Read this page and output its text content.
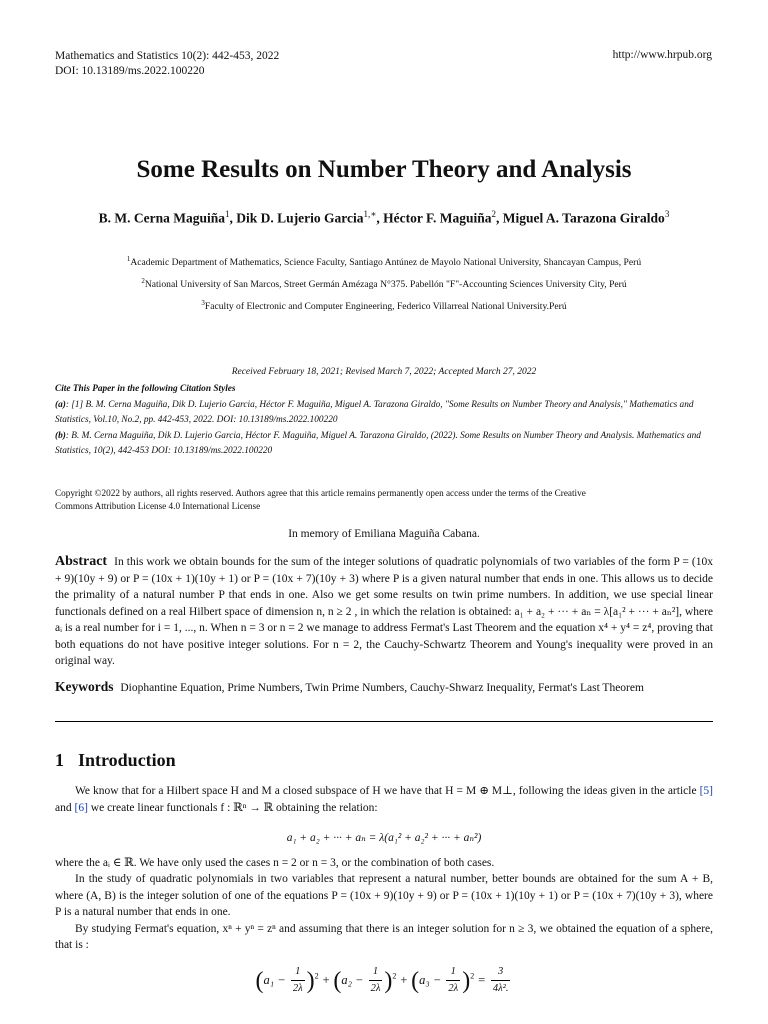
Mathematics and Statistics 10(2): 442-453, 2022
DOI: 10.13189/ms.2022.100220
http://www.hrpub.org
Some Results on Number Theory and Analysis
B. M. Cerna Maguiña$^1$, Dik D. Lujerio Garcia$^{1,∗}$, Héctor F. Maguiña$^2$, Miguel A. Tarazona Giraldo$^3$
$^1$Academic Department of Mathematics, Science Faculty, Santiago Antúnez de Mayolo National University, Shancayan Campus, Perú
$^2$National University of San Marcos, Street Germán Amézaga N°375. Pabellón "F"-Accounting Sciences University City, Perú
$^3$Faculty of Electronic and Computer Engineering, Federico Villarreal National University.Perú
Received February 18, 2021; Revised March 7, 2022; Accepted March 27, 2022
Cite This Paper in the following Citation Styles
(a): [1] B. M. Cerna Maguiña, Dik D. Lujerio Garcia, Héctor F. Maguiña, Miguel A. Tarazona Giraldo, "Some Results on Number Theory and Analysis," Mathematics and Statistics, Vol.10, No.2, pp. 442-453, 2022. DOI: 10.13189/ms.2022.100220
(b): B. M. Cerna Maguiña, Dik D. Lujerio Garcia, Héctor F. Maguiña, Miguel A. Tarazona Giraldo, (2022). Some Results on Number Theory and Analysis. Mathematics and Statistics, 10(2), 442-453 DOI: 10.13189/ms.2022.100220
Copyright ©2022 by authors, all rights reserved. Authors agree that this article remains permanently open access under the terms of the Creative Commons Attribution License 4.0 International License
In memory of Emiliana Maguiña Cabana.
Abstract In this work we obtain bounds for the sum of the integer solutions of quadratic polynomials of two variables of the form P = (10x + 9)(10y + 9) or P = (10x + 1)(10y + 1) or P = (10x + 7)(10y + 3) where P is a given natural number that ends in one. This allows us to decide the primality of a natural number P that ends in one. Also we get some results on twin prime numbers. In addition, we use special linear functionals defined on a real Hilbert space of dimension n, n ≥ 2 , in which the relation is obtained: a₁ + a₂ + ··· + aₙ = λ[a₁² + ··· + aₙ²], where aᵢ is a real number for i = 1, ..., n. When n = 3 or n = 2 we manage to address Fermat's Last Theorem and the equation x⁴ + y⁴ = z⁴, proving that both equations do not have positive integer solutions. For n = 2, the Cauchy-Schwartz Theorem and Young's inequality were proved in an original way.
Keywords Diophantine Equation, Prime Numbers, Twin Prime Numbers, Cauchy-Shwarz Inequality, Fermat's Last Theorem
1 Introduction

We know that for a Hilbert space H and M a closed subspace of H we have that H = M ⊕ M⊥, following the ideas given in the article [5] and [6] we create linear functionals f : ℝⁿ → ℝ obtaining the relation:

a₁ + a₂ + ··· + aₙ = λ(a₁² + a₂² + ··· + aₙ²)

where the aᵢ ∈ ℝ. We have only used the cases n = 2 or n = 3, or the combination of both cases.

In the study of quadratic polynomials in two variables that represent a natural number, better bounds are obtained for the sum A + B, where (A, B) is the integer solution of one of the equations P = (10x + 9)(10y + 9) or P = (10x + 1)(10y + 1) or P = (10x + 7)(10y + 3), where P is a natural number that ends in one.

By studying Fermat's equation, xⁿ + yⁿ = zⁿ and assuming that there is an integer solution for n ≥ 3, we obtained the equation of a sphere, that is :

$(a_1 - \frac{1}{2\lambda} )^2 + (a_2 - \frac{1}{2\lambda} )^2 + (a_3 - \frac{1}{2\lambda} )^2 = \frac{3}{\text{4λ².}}$
